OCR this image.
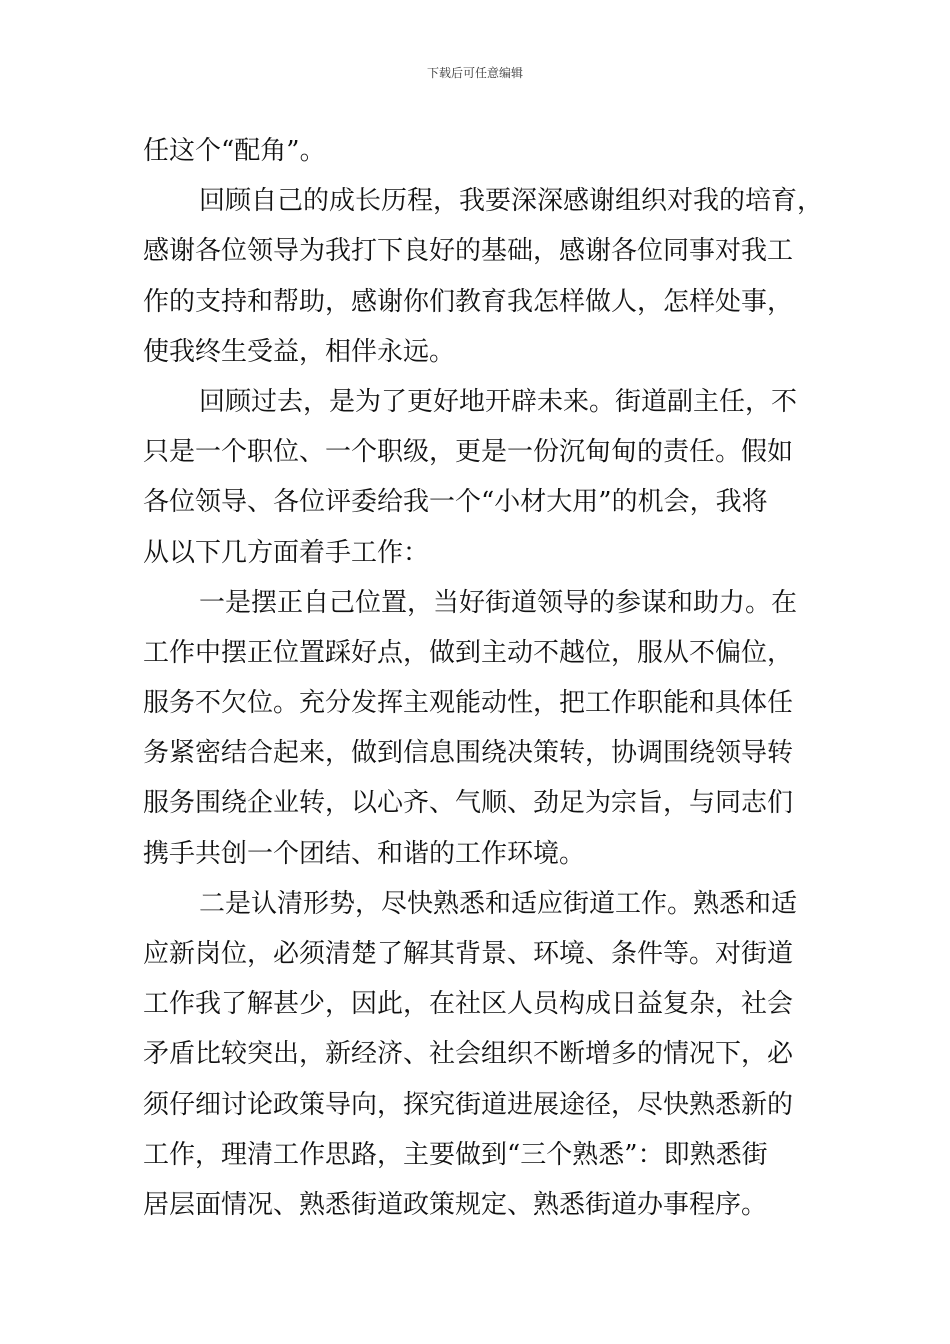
下载后可任意编辑
任这个“配角”。
回顾自己的成长历程，我要深深感谢组织对我的培育，
感谢各位领导为我打下良好的基础，感谢各位同事对我工
作的支持和帮助，感谢你们教育我怎样做人，怎样处事，
使我终生受益，相伴永远。
回顾过去，是为了更好地开辟未来。街道副主任，不
只是一个职位、一个职级，更是一份沉甸甸的责任。假如
各位领导、各位评委给我一个“小材大用”的机会，我将
从以下几方面着手工作：
一是摆正自己位置，当好街道领导的参谋和助力。在
工作中摆正位置踩好点，做到主动不越位，服从不偏位，
服务不欠位。充分发挥主观能动性，把工作职能和具体任
务紧密结合起来，做到信息围绕决策转，协调围绕领导转
服务围绕企业转，以心齐、气顺、劲足为宗旨，与同志们
携手共创一个团结、和谐的工作环境。
二是认清形势，尽快熟悉和适应街道工作。熟悉和适
应新岗位，必须清楚了解其背景、环境、条件等。对街道
工作我了解甚少，因此，在社区人员构成日益复杂，社会
矛盾比较突出，新经济、社会组织不断增多的情况下，必
须仔细讨论政策导向，探究街道进展途径，尽快熟悉新的
工作，理清工作思路，主要做到“三个熟悉”：即熟悉街
居层面情况、熟悉街道政策规定、熟悉街道办事程序。
